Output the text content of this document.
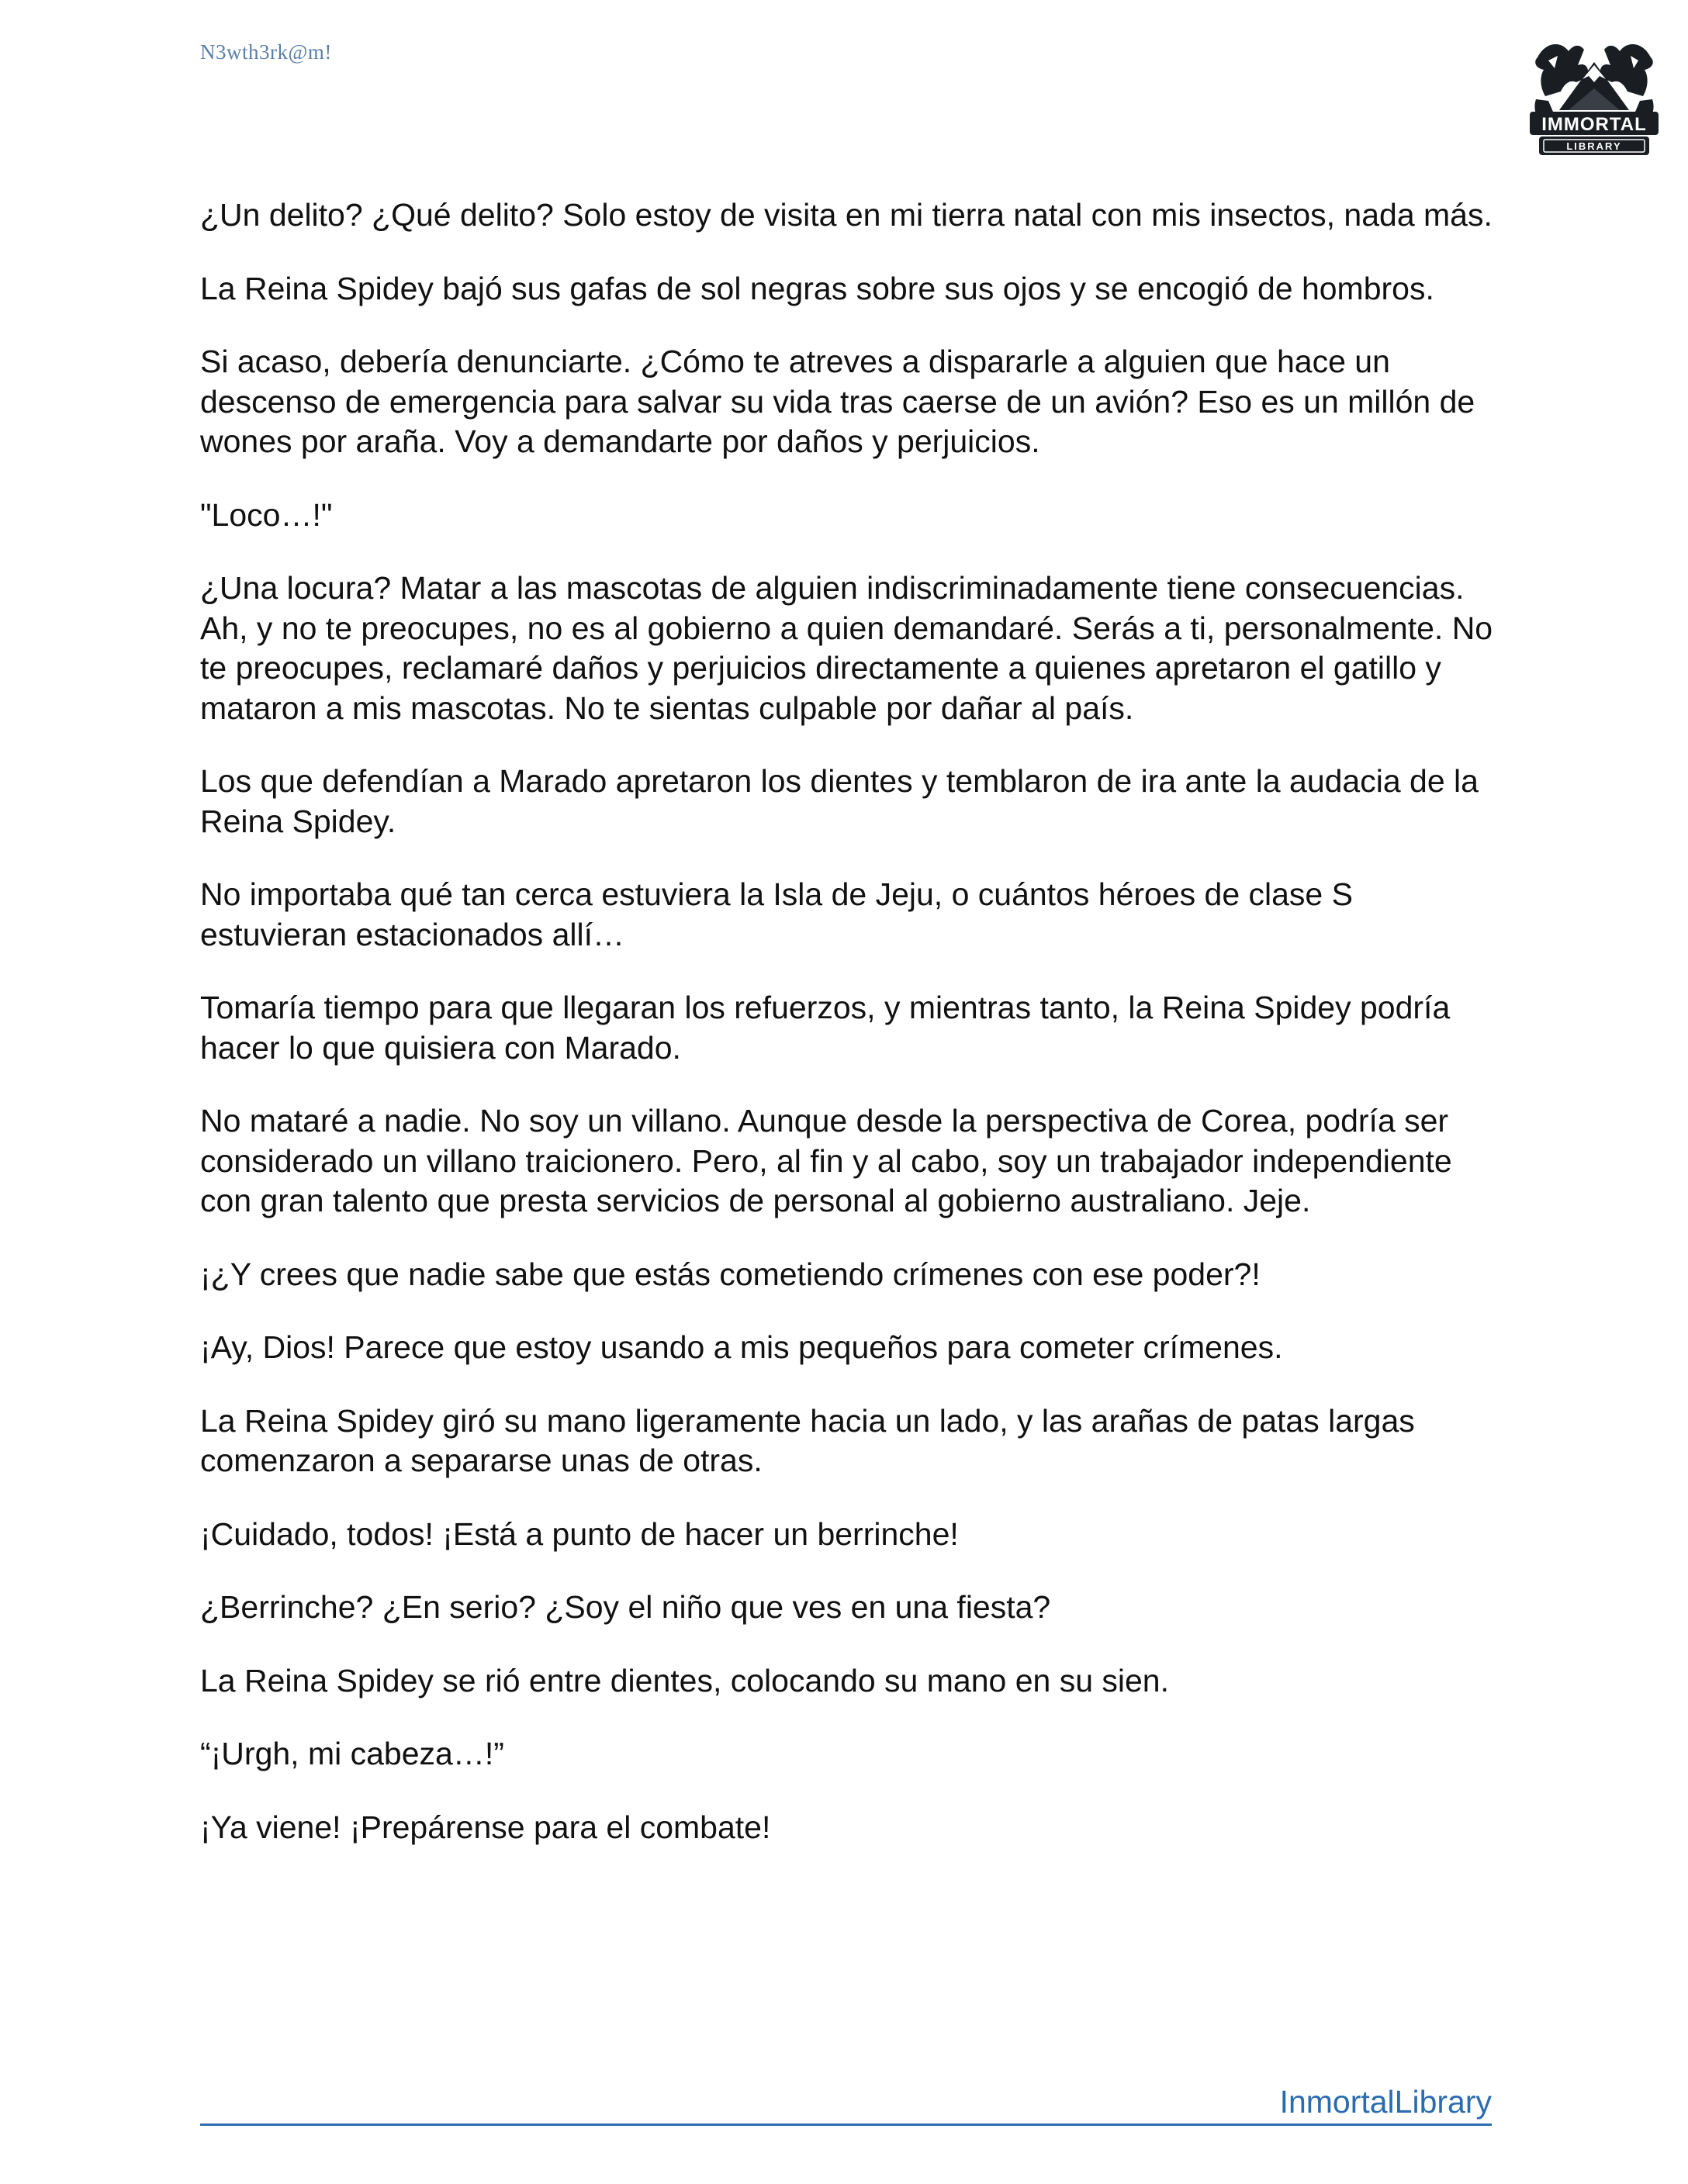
N3wth3rk@m!
IMMORTAL
LIBRARY

¿Un delito? ¿Qué delito? Solo estoy de visita en mi tierra natal con mis insectos, nada más.

La Reina Spidey bajó sus gafas de sol negras sobre sus ojos y se encogió de hombros.

Si acaso, debería denunciarte. ¿Cómo te atreves a dispararle a alguien que hace un descenso de emergencia para salvar su vida tras caerse de un avión? Eso es un millón de wones por araña. Voy a demandarte por daños y perjuicios.

"Loco…!"

¿Una locura? Matar a las mascotas de alguien indiscriminadamente tiene consecuencias. Ah, y no te preocupes, no es al gobierno a quien demandaré. Serás a ti, personalmente. No te preocupes, reclamaré daños y perjuicios directamente a quienes apretaron el gatillo y mataron a mis mascotas. No te sientas culpable por dañar al país.

Los que defendían a Marado apretaron los dientes y temblaron de ira ante la audacia de la Reina Spidey.

No importaba qué tan cerca estuviera la Isla de Jeju, o cuántos héroes de clase S estuvieran estacionados allí…

Tomaría tiempo para que llegaran los refuerzos, y mientras tanto, la Reina Spidey podría hacer lo que quisiera con Marado.

No mataré a nadie. No soy un villano. Aunque desde la perspectiva de Corea, podría ser considerado un villano traicionero. Pero, al fin y al cabo, soy un trabajador independiente con gran talento que presta servicios de personal al gobierno australiano. Jeje.

¡¿Y crees que nadie sabe que estás cometiendo crímenes con ese poder?!

¡Ay, Dios! Parece que estoy usando a mis pequeños para cometer crímenes.

La Reina Spidey giró su mano ligeramente hacia un lado, y las arañas de patas largas comenzaron a separarse unas de otras.

¡Cuidado, todos! ¡Está a punto de hacer un berrinche!

¿Berrinche? ¿En serio? ¿Soy el niño que ves en una fiesta?

La Reina Spidey se rió entre dientes, colocando su mano en su sien.

“¡Urgh, mi cabeza…!”

¡Ya viene! ¡Prepárense para el combate!

InmortalLibrary
